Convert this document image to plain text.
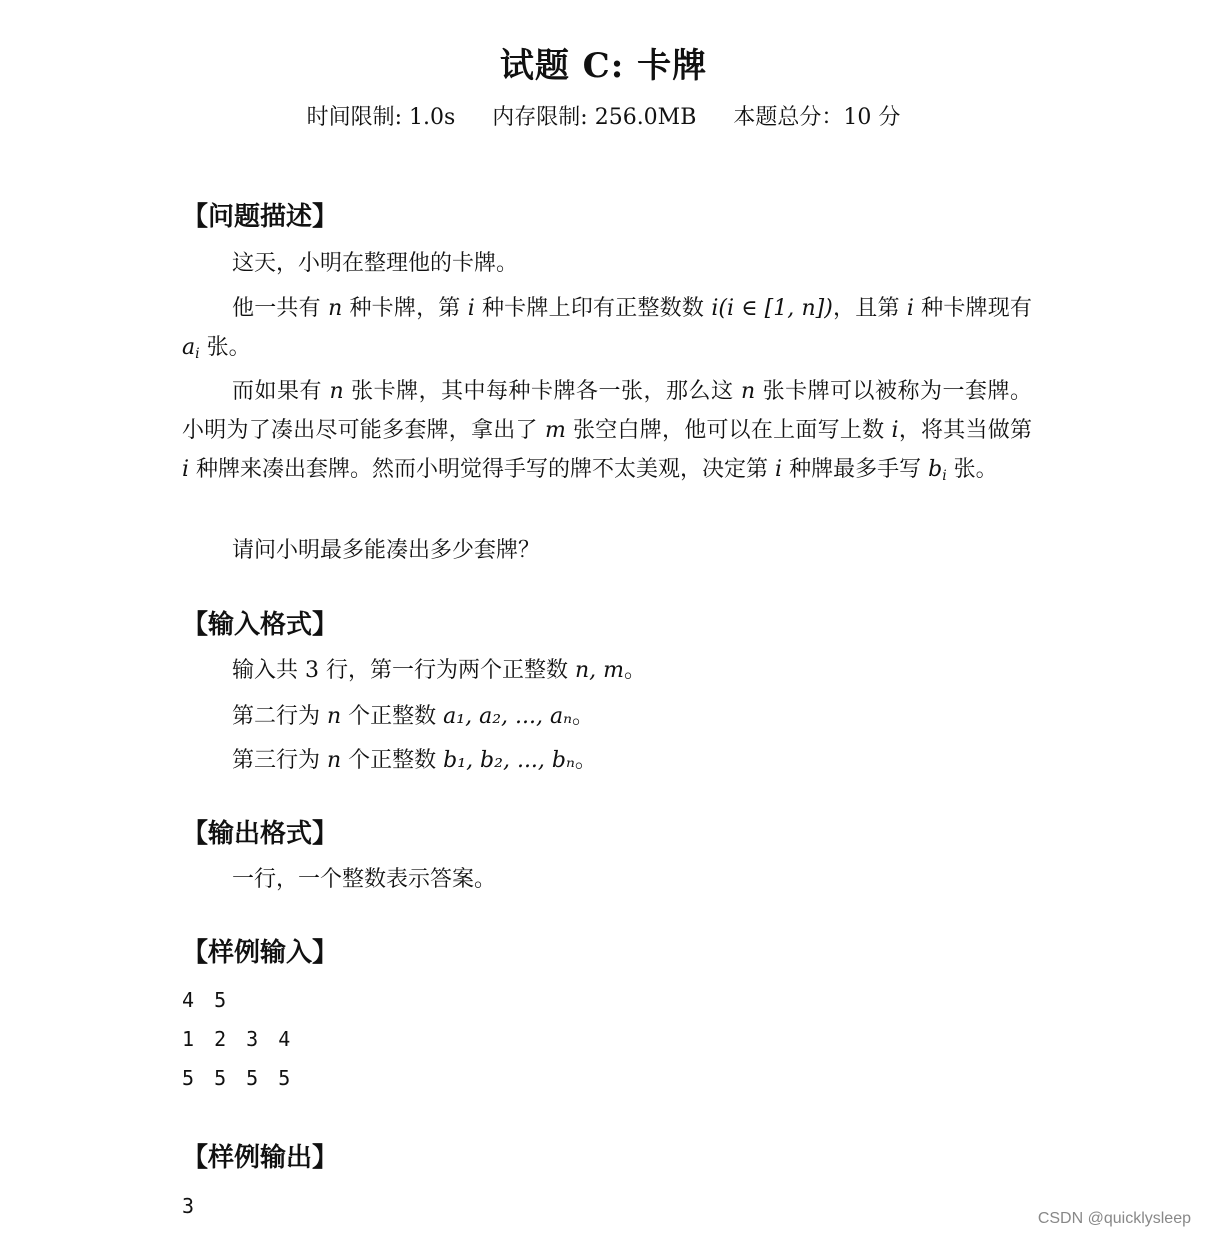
试题 C: 卡牌
时间限制: 1.0s 内存限制: 256.0MB 本题总分：10 分
【问题描述】
这天，小明在整理他的卡牌。
他一共有 n 种卡牌，第 i 种卡牌上印有正整数数 i(i ∈ [1, n])，且第 i 种卡牌现有 $a_i$ 张。
而如果有 n 张卡牌，其中每种卡牌各一张，那么这 n 张卡牌可以被称为一套牌。小明为了凑出尽可能多套牌，拿出了 m 张空白牌，他可以在上面写上数 i，将其当做第 i 种牌来凑出套牌。然而小明觉得手写的牌不太美观，决定第 i 种牌最多手写 $b_i$ 张。
请问小明最多能凑出多少套牌？
【输入格式】
输入共 3 行，第一行为两个正整数 n, m。
第二行为 n 个正整数 a₁, a₂, ..., aₙ。
第三行为 n 个正整数 b₁, b₂, ..., bₙ。
【输出格式】
一行，一个整数表示答案。
【样例输入】
4 5
1 2 3 4
5 5 5 5
【样例输出】
3
CSDN @quicklysleep
